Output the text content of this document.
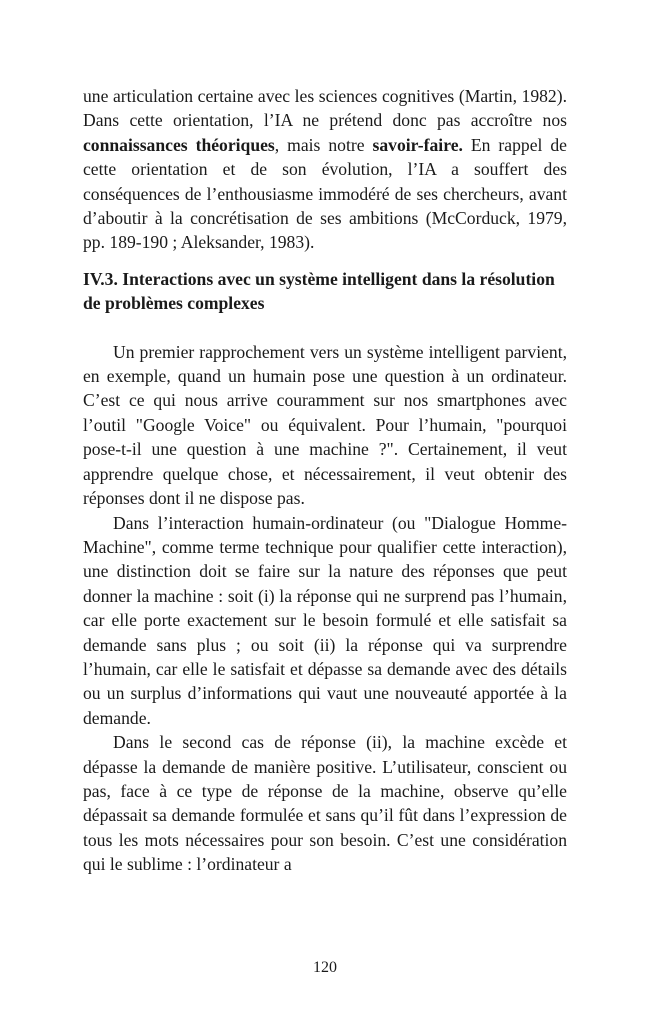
une articulation certaine avec les sciences cognitives (Martin, 1982). Dans cette orientation, l’IA ne prétend donc pas accroître nos connaissances théoriques, mais notre savoir-faire. En rappel de cette orientation et de son évolution, l’IA a souffert des conséquences de l’enthousiasme immodéré de ses chercheurs, avant d’aboutir à la concrétisation de ses ambitions (McCorduck, 1979, pp. 189-190 ; Aleksander, 1983).

IV.3. Interactions avec un système intelligent dans la résolution de problèmes complexes

Un premier rapprochement vers un système intelligent parvient, en exemple, quand un humain pose une question à un ordinateur. C’est ce qui nous arrive couramment sur nos smartphones avec l’outil "Google Voice" ou équivalent. Pour l’humain, "pourquoi pose-t-il une question à une machine ?". Certainement, il veut apprendre quelque chose, et nécessairement, il veut obtenir des réponses dont il ne dispose pas.

Dans l’interaction humain-ordinateur (ou "Dialogue Homme-Machine", comme terme technique pour qualifier cette interaction), une distinction doit se faire sur la nature des réponses que peut donner la machine : soit (i) la réponse qui ne surprend pas l’humain, car elle porte exactement sur le besoin formulé et elle satisfait sa demande sans plus ; ou soit (ii) la réponse qui va surprendre l’humain, car elle le satisfait et dépasse sa demande avec des détails ou un surplus d’informations qui vaut une nouveauté apportée à la demande.

Dans le second cas de réponse (ii), la machine excède et dépasse la demande de manière positive. L’utilisateur, conscient ou pas, face à ce type de réponse de la machine, observe qu’elle dépassait sa demande formulée et sans qu’il fût dans l’expression de tous les mots nécessaires pour son besoin. C’est une considération qui le sublime : l’ordinateur a

120
